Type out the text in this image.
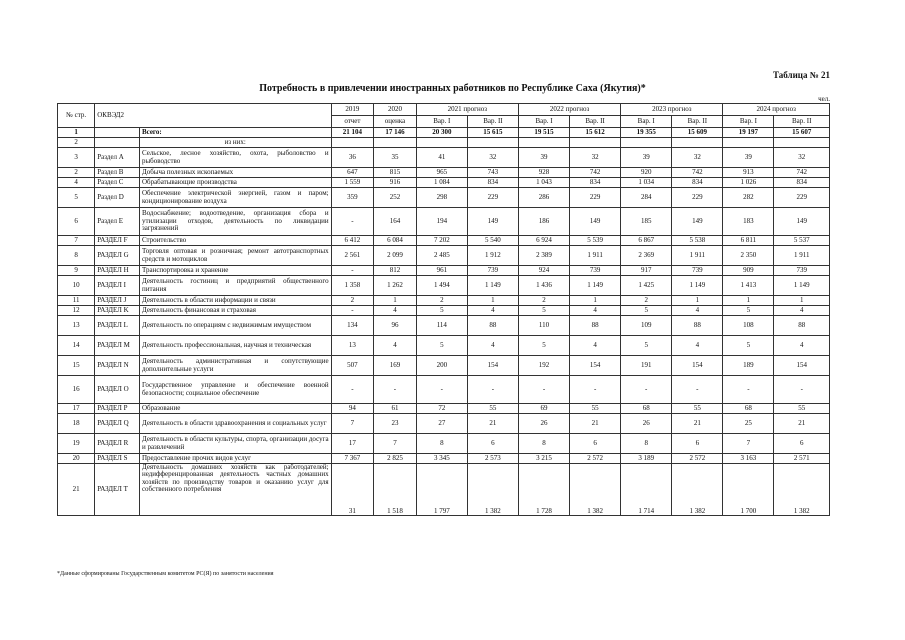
Таблица № 21
Потребность в привлечении иностранных работников по Республике Саха (Якутия)*
чел.
№ стр.	ОКВЭД2		2019	2020	2021 прогноз		2022 прогноз		2023 прогноз		2024 прогноз	
			отчет	оценка	Вар. I	Вар. II	Вар. I	Вар. II	Вар. I	Вар. II	Вар. I	Вар. II
1		Всего:	21 104	17 146	20 300	15 615	19 515	15 612	19 355	15 609	19 197	15 607
2		из них:										
3	Раздел A	Сельское, лесное хозяйство, охота, рыболовство и рыбоводство	36	35	41	32	39	32	39	32	39	32
2	Раздел B	Добыча полезных ископаемых	647	815	965	743	928	742	920	742	913	742
4	Раздел C	Обрабатывающие производства	1 559	916	1 084	834	1 043	834	1 034	834	1 026	834
5	Раздел D	Обеспечение электрической энергией, газом и паром; кондиционирование воздуха	359	252	298	229	286	229	284	229	282	229
6	Раздел E	Водоснабжение; водоотведение, организация сбора и утилизации отходов, деятельность по ликвидации загрязнений	-	164	194	149	186	149	185	149	183	149
7	РАЗДЕЛ F	Строительство	6 412	6 084	7 202	5 540	6 924	5 539	6 867	5 538	6 811	5 537
8	РАЗДЕЛ G	Торговля оптовая и розничная; ремонт автотранспортных средств и мотоциклов	2 561	2 099	2 485	1 912	2 389	1 911	2 369	1 911	2 350	1 911
9	РАЗДЕЛ H	Транспортировка и хранение	-	812	961	739	924	739	917	739	909	739
10	РАЗДЕЛ I	Деятельность гостиниц и предприятий общественного питания	1 358	1 262	1 494	1 149	1 436	1 149	1 425	1 149	1 413	1 149
11	РАЗДЕЛ J	Деятельность в области информации и связи	2	1	2	1	2	1	2	1	1	1
12	РАЗДЕЛ K	Деятельность финансовая и страховая	-	4	5	4	5	4	5	4	5	4
13	РАЗДЕЛ L	Деятельность по операциям с недвижимым имуществом	134	96	114	88	110	88	109	88	108	88
14	РАЗДЕЛ M	Деятельность профессиональная, научная и техническая	13	4	5	4	5	4	5	4	5	4
15	РАЗДЕЛ N	Деятельность административная и сопутствующие дополнительные услуги	507	169	200	154	192	154	191	154	189	154
16	РАЗДЕЛ O	Государственное управление и обеспечение военной безопасности; социальное обеспечение	-	-	-	-	-	-	-	-	-	-
17	РАЗДЕЛ P	Образование	94	61	72	55	69	55	68	55	68	55
18	РАЗДЕЛ Q	Деятельность в области здравоохранения и социальных услуг	7	23	27	21	26	21	26	21	25	21
19	РАЗДЕЛ R	Деятельность в области культуры, спорта, организации досуга и развлечений	17	7	8	6	8	6	8	6	7	6
20	РАЗДЕЛ S	Предоставление прочих видов услуг	7 367	2 825	3 345	2 573	3 215	2 572	3 189	2 572	3 163	2 571
21	РАЗДЕЛ T	Деятельность домашних хозяйств как работодателей; недифференцированная деятельность частных домашних хозяйств по производству товаров и оказанию услуг для собственного потребления	31	1 518	1 797	1 382	1 728	1 382	1 714	1 382	1 700	1 382
*Данные сформированы Государственным комитетом РС(Я) по занятости населения
